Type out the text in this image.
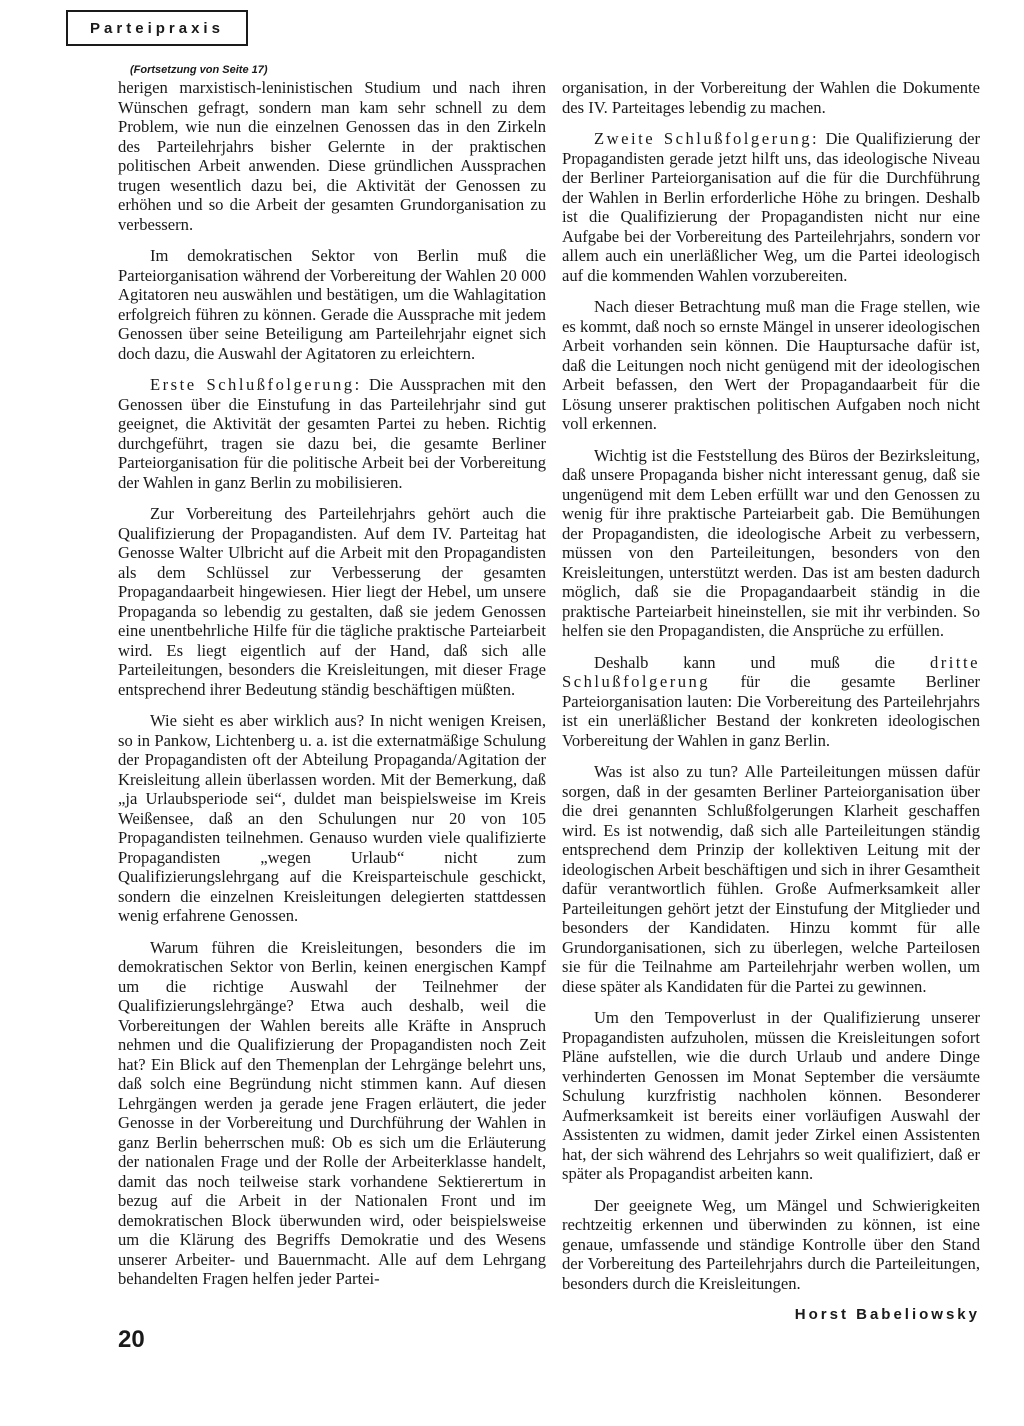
Parteipraxis
(Fortsetzung von Seite 17)

herigen marxistisch-leninistischen Studium und nach ihren Wünschen gefragt, sondern man kam sehr schnell zu dem Problem, wie nun die einzelnen Genossen das in den Zirkeln des Parteilehrjahrs bisher Gelernte in der praktischen politischen Arbeit anwenden. Diese gründlichen Aussprachen trugen wesentlich dazu bei, die Aktivität der Genossen zu erhöhen und so die Arbeit der gesamten Grundorganisation zu verbessern.

Im demokratischen Sektor von Berlin muß die Parteiorganisation während der Vorbereitung der Wahlen 20 000 Agitatoren neu auswählen und bestätigen, um die Wahlagitation erfolgreich führen zu können. Gerade die Aussprache mit jedem Genossen über seine Beteiligung am Parteilehrjahr eignet sich doch dazu, die Auswahl der Agitatoren zu erleichtern.

Erste Schlußfolgerung: Die Aussprachen mit den Genossen über die Einstufung in das Parteilehrjahr sind gut geeignet, die Aktivität der gesamten Partei zu heben. Richtig durchgeführt, tragen sie dazu bei, die gesamte Berliner Parteiorganisation für die politische Arbeit bei der Vorbereitung der Wahlen in ganz Berlin zu mobilisieren.

Zur Vorbereitung des Parteilehrjahrs gehört auch die Qualifizierung der Propagandisten. Auf dem IV. Parteitag hat Genosse Walter Ulbricht auf die Arbeit mit den Propagandisten als dem Schlüssel zur Verbesserung der gesamten Propagandaarbeit hingewiesen. Hier liegt der Hebel, um unsere Propaganda so lebendig zu gestalten, daß sie jedem Genossen eine unentbehrliche Hilfe für die tägliche praktische Parteiarbeit wird. Es liegt eigentlich auf der Hand, daß sich alle Parteileitungen, besonders die Kreisleitungen, mit dieser Frage entsprechend ihrer Bedeutung ständig beschäftigen müßten.

Wie sieht es aber wirklich aus? In nicht wenigen Kreisen, so in Pankow, Lichtenberg u. a. ist die externatmäßige Schulung der Propagandisten oft der Abteilung Propaganda/Agitation der Kreisleitung allein überlassen worden. Mit der Bemerkung, daß „ja Urlaubsperiode sei“, duldet man beispielsweise im Kreis Weißensee, daß an den Schulungen nur 20 von 105 Propagandisten teilnehmen. Genauso wurden viele qualifizierte Propagandisten „wegen Urlaub“ nicht zum Qualifizierungslehrgang auf die Kreisparteischule geschickt, sondern die einzelnen Kreisleitungen delegierten stattdessen wenig erfahrene Genossen.

Warum führen die Kreisleitungen, besonders die im demokratischen Sektor von Berlin, keinen energischen Kampf um die richtige Auswahl der Teilnehmer der Qualifizierungslehrgänge? Etwa auch deshalb, weil die Vorbereitungen der Wahlen bereits alle Kräfte in Anspruch nehmen und die Qualifizierung der Propagandisten noch Zeit hat? Ein Blick auf den Themenplan der Lehrgänge belehrt uns, daß solch eine Begründung nicht stimmen kann. Auf diesen Lehrgängen werden ja gerade jene Fragen erläutert, die jeder Genosse in der Vorbereitung und Durchführung der Wahlen in ganz Berlin beherrschen muß: Ob es sich um die Erläuterung der nationalen Frage und der Rolle der Arbeiterklasse handelt, damit das noch teilweise stark vorhandene Sektierertum in bezug auf die Arbeit in der Nationalen Front und im demokratischen Block überwunden wird, oder beispielsweise um die Klärung des Begriffs Demokratie und des Wesens unserer Arbeiter- und Bauernmacht. Alle auf dem Lehrgang behandelten Fragen helfen jeder Partei-

organisation, in der Vorbereitung der Wahlen die Dokumente des IV. Parteitages lebendig zu machen.

Zweite Schlußfolgerung: Die Qualifizierung der Propagandisten gerade jetzt hilft uns, das ideologische Niveau der Berliner Parteiorganisation auf die für die Durchführung der Wahlen in Berlin erforderliche Höhe zu bringen. Deshalb ist die Qualifizierung der Propagandisten nicht nur eine Aufgabe bei der Vorbereitung des Parteilehrjahrs, sondern vor allem auch ein unerläßlicher Weg, um die Partei ideologisch auf die kommenden Wahlen vorzubereiten.

Nach dieser Betrachtung muß man die Frage stellen, wie es kommt, daß noch so ernste Mängel in unserer ideologischen Arbeit vorhanden sein können. Die Hauptursache dafür ist, daß die Leitungen noch nicht genügend mit der ideologischen Arbeit befassen, den Wert der Propagandaarbeit für die Lösung unserer praktischen politischen Aufgaben noch nicht voll erkennen.

Wichtig ist die Feststellung des Büros der Bezirksleitung, daß unsere Propaganda bisher nicht interessant genug, daß sie ungenügend mit dem Leben erfüllt war und den Genossen zu wenig für ihre praktische Parteiarbeit gab. Die Bemühungen der Propagandisten, die ideologische Arbeit zu verbessern, müssen von den Parteileitungen, besonders von den Kreisleitungen, unterstützt werden. Das ist am besten dadurch möglich, daß sie die Propagandaarbeit ständig in die praktische Parteiarbeit hineinstellen, sie mit ihr verbinden. So helfen sie den Propagandisten, die Ansprüche zu erfüllen.

Deshalb kann und muß die dritte Schlußfolgerung für die gesamte Berliner Parteiorganisation lauten: Die Vorbereitung des Parteilehrjahrs ist ein unerläßlicher Bestand der konkreten ideologischen Vorbereitung der Wahlen in ganz Berlin.

Was ist also zu tun? Alle Parteileitungen müssen dafür sorgen, daß in der gesamten Berliner Parteiorganisation über die drei genannten Schlußfolgerungen Klarheit geschaffen wird. Es ist notwendig, daß sich alle Parteileitungen ständig entsprechend dem Prinzip der kollektiven Leitung mit der ideologischen Arbeit beschäftigen und sich in ihrer Gesamtheit dafür verantwortlich fühlen. Große Aufmerksamkeit aller Parteileitungen gehört jetzt der Einstufung der Mitglieder und besonders der Kandidaten. Hinzu kommt für alle Grundorganisationen, sich zu überlegen, welche Parteilosen sie für die Teilnahme am Parteilehrjahr werben wollen, um diese später als Kandidaten für die Partei zu gewinnen.

Um den Tempoverlust in der Qualifizierung unserer Propagandisten aufzuholen, müssen die Kreisleitungen sofort Pläne aufstellen, wie die durch Urlaub und andere Dinge verhinderten Genossen im Monat September die versäumte Schulung kurzfristig nachholen können. Besonderer Aufmerksamkeit ist bereits einer vorläufigen Auswahl der Assistenten zu widmen, damit jeder Zirkel einen Assistenten hat, der sich während des Lehrjahrs so weit qualifiziert, daß er später als Propagandist arbeiten kann.

Der geeignete Weg, um Mängel und Schwierigkeiten rechtzeitig erkennen und überwinden zu können, ist eine genaue, umfassende und ständige Kontrolle über den Stand der Vorbereitung des Parteilehrjahrs durch die Parteileitungen, besonders durch die Kreisleitungen.

Horst Babeliowsky
20
